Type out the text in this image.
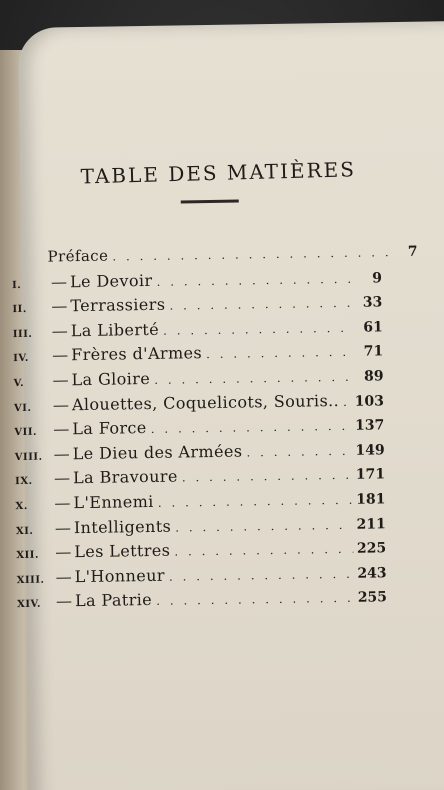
TABLE DES MATIÈRES
Préface . . .	7
I.	— Le Devoir . . .	9
II.	— Terrassiers . . .	33
III.	— La Liberté . . .	61
IV.	— Frères d'Armes . . .	71
V.	— La Gloire . . .	89
VI.	— Alouettes, Coquelicots, Souris.. . . . 103
VII.	— La Force . . .	137
VIII. — Le Dieu des Armées . . .	149
IX.	— La Bravoure . . .	171
X.	— L'Ennemi . . .	181
XI.	— Intelligents . . .	211
XII.	— Les Lettres . . .	225
XIII. — L'Honneur . . .	243
XIV. — La Patrie . . .	255
